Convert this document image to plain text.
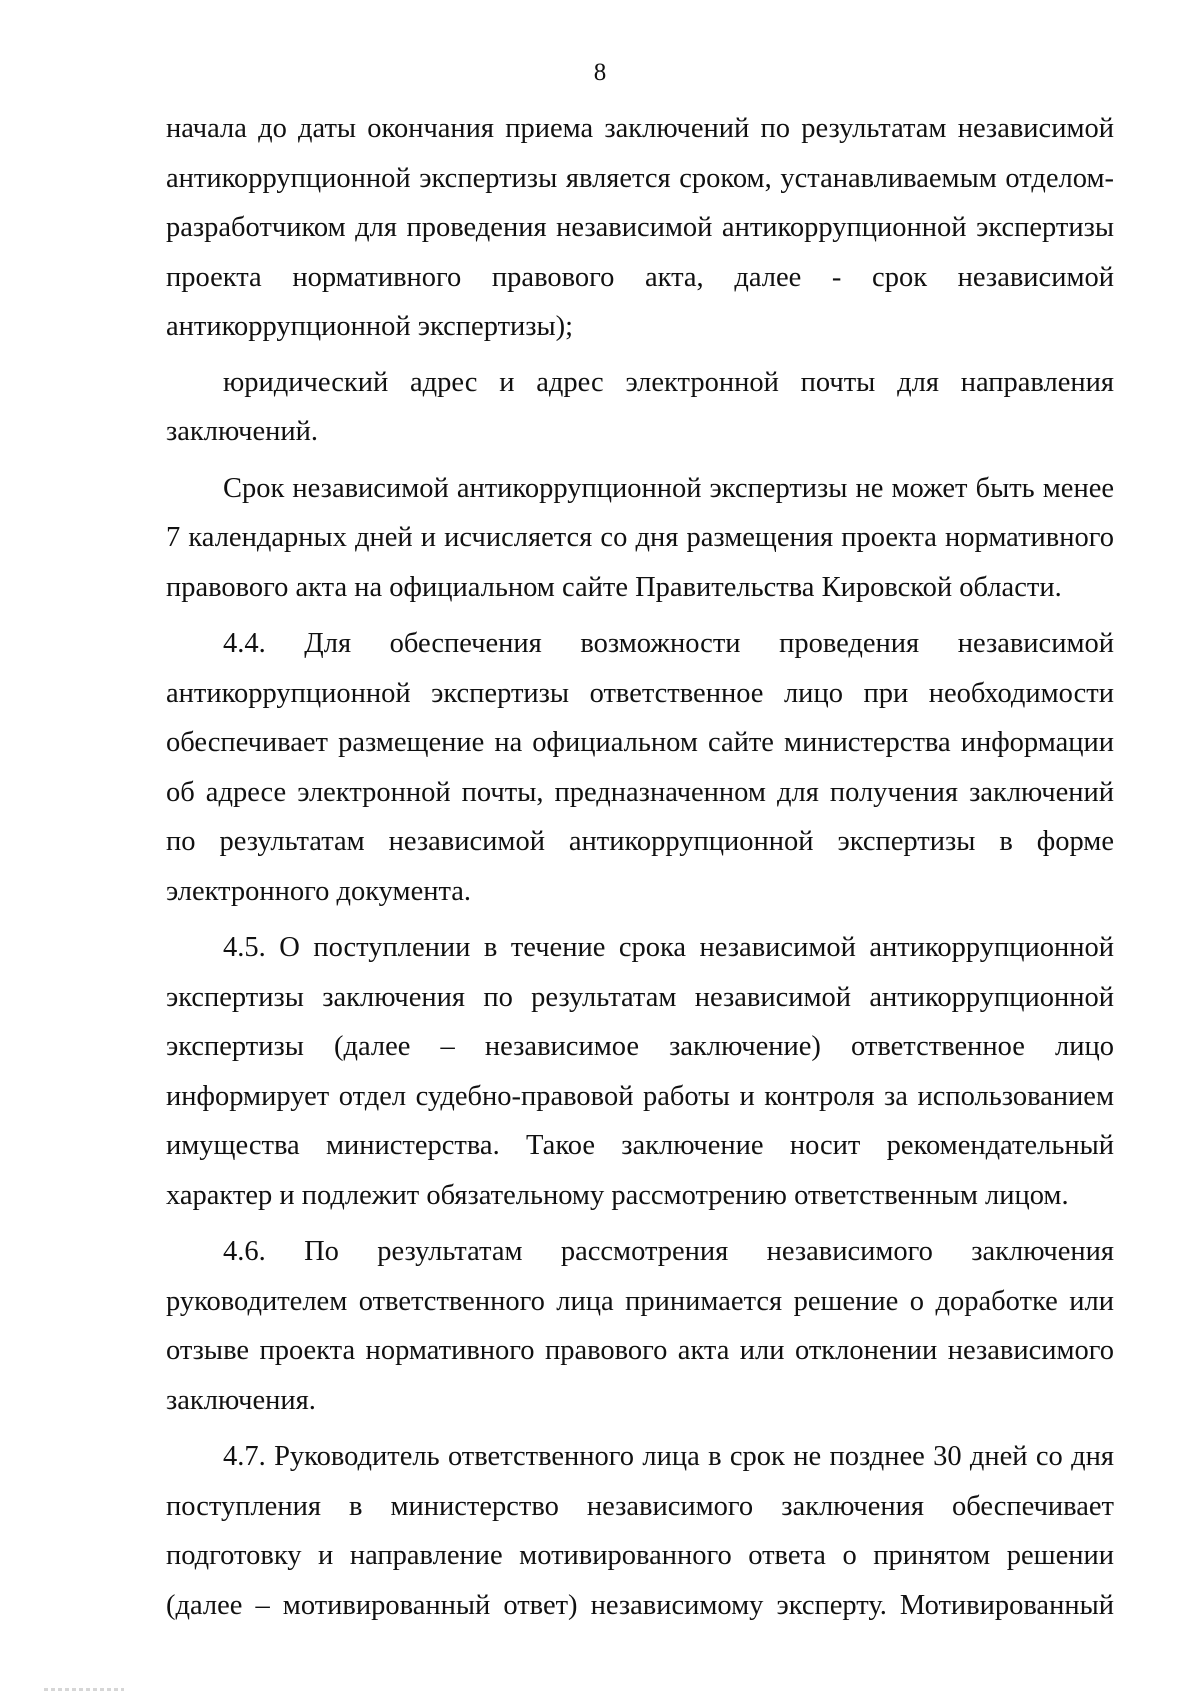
8

начала до даты окончания приема заключений по результатам независимой антикоррупционной экспертизы является сроком, устанавливаемым отделом-разработчиком для проведения независимой антикоррупционной экспертизы проекта нормативного правового акта, далее - срок независимой антикоррупционной экспертизы);

юридический адрес и адрес электронной почты для направления заключений.

Срок независимой антикоррупционной экспертизы не может быть менее 7 календарных дней и исчисляется со дня размещения проекта нормативного правового акта на официальном сайте Правительства Кировской области.

4.4. Для обеспечения возможности проведения независимой антикоррупционной экспертизы ответственное лицо при необходимости обеспечивает размещение на официальном сайте министерства информации об адресе электронной почты, предназначенном для получения заключений по результатам независимой антикоррупционной экспертизы в форме электронного документа.

4.5. О поступлении в течение срока независимой антикоррупционной экспертизы заключения по результатам независимой антикоррупционной экспертизы (далее – независимое заключение) ответственное лицо информирует отдел судебно-правовой работы и контроля за использованием имущества министерства. Такое заключение носит рекомендательный характер и подлежит обязательному рассмотрению ответственным лицом.

4.6. По результатам рассмотрения независимого заключения руководителем ответственного лица принимается решение о доработке или отзыве проекта нормативного правового акта или отклонении независимого заключения.

4.7. Руководитель ответственного лица в срок не позднее 30 дней со дня поступления в министерство независимого заключения обеспечивает подготовку и направление мотивированного ответа о принятом решении (далее – мотивированный ответ) независимому эксперту. Мотивированный
